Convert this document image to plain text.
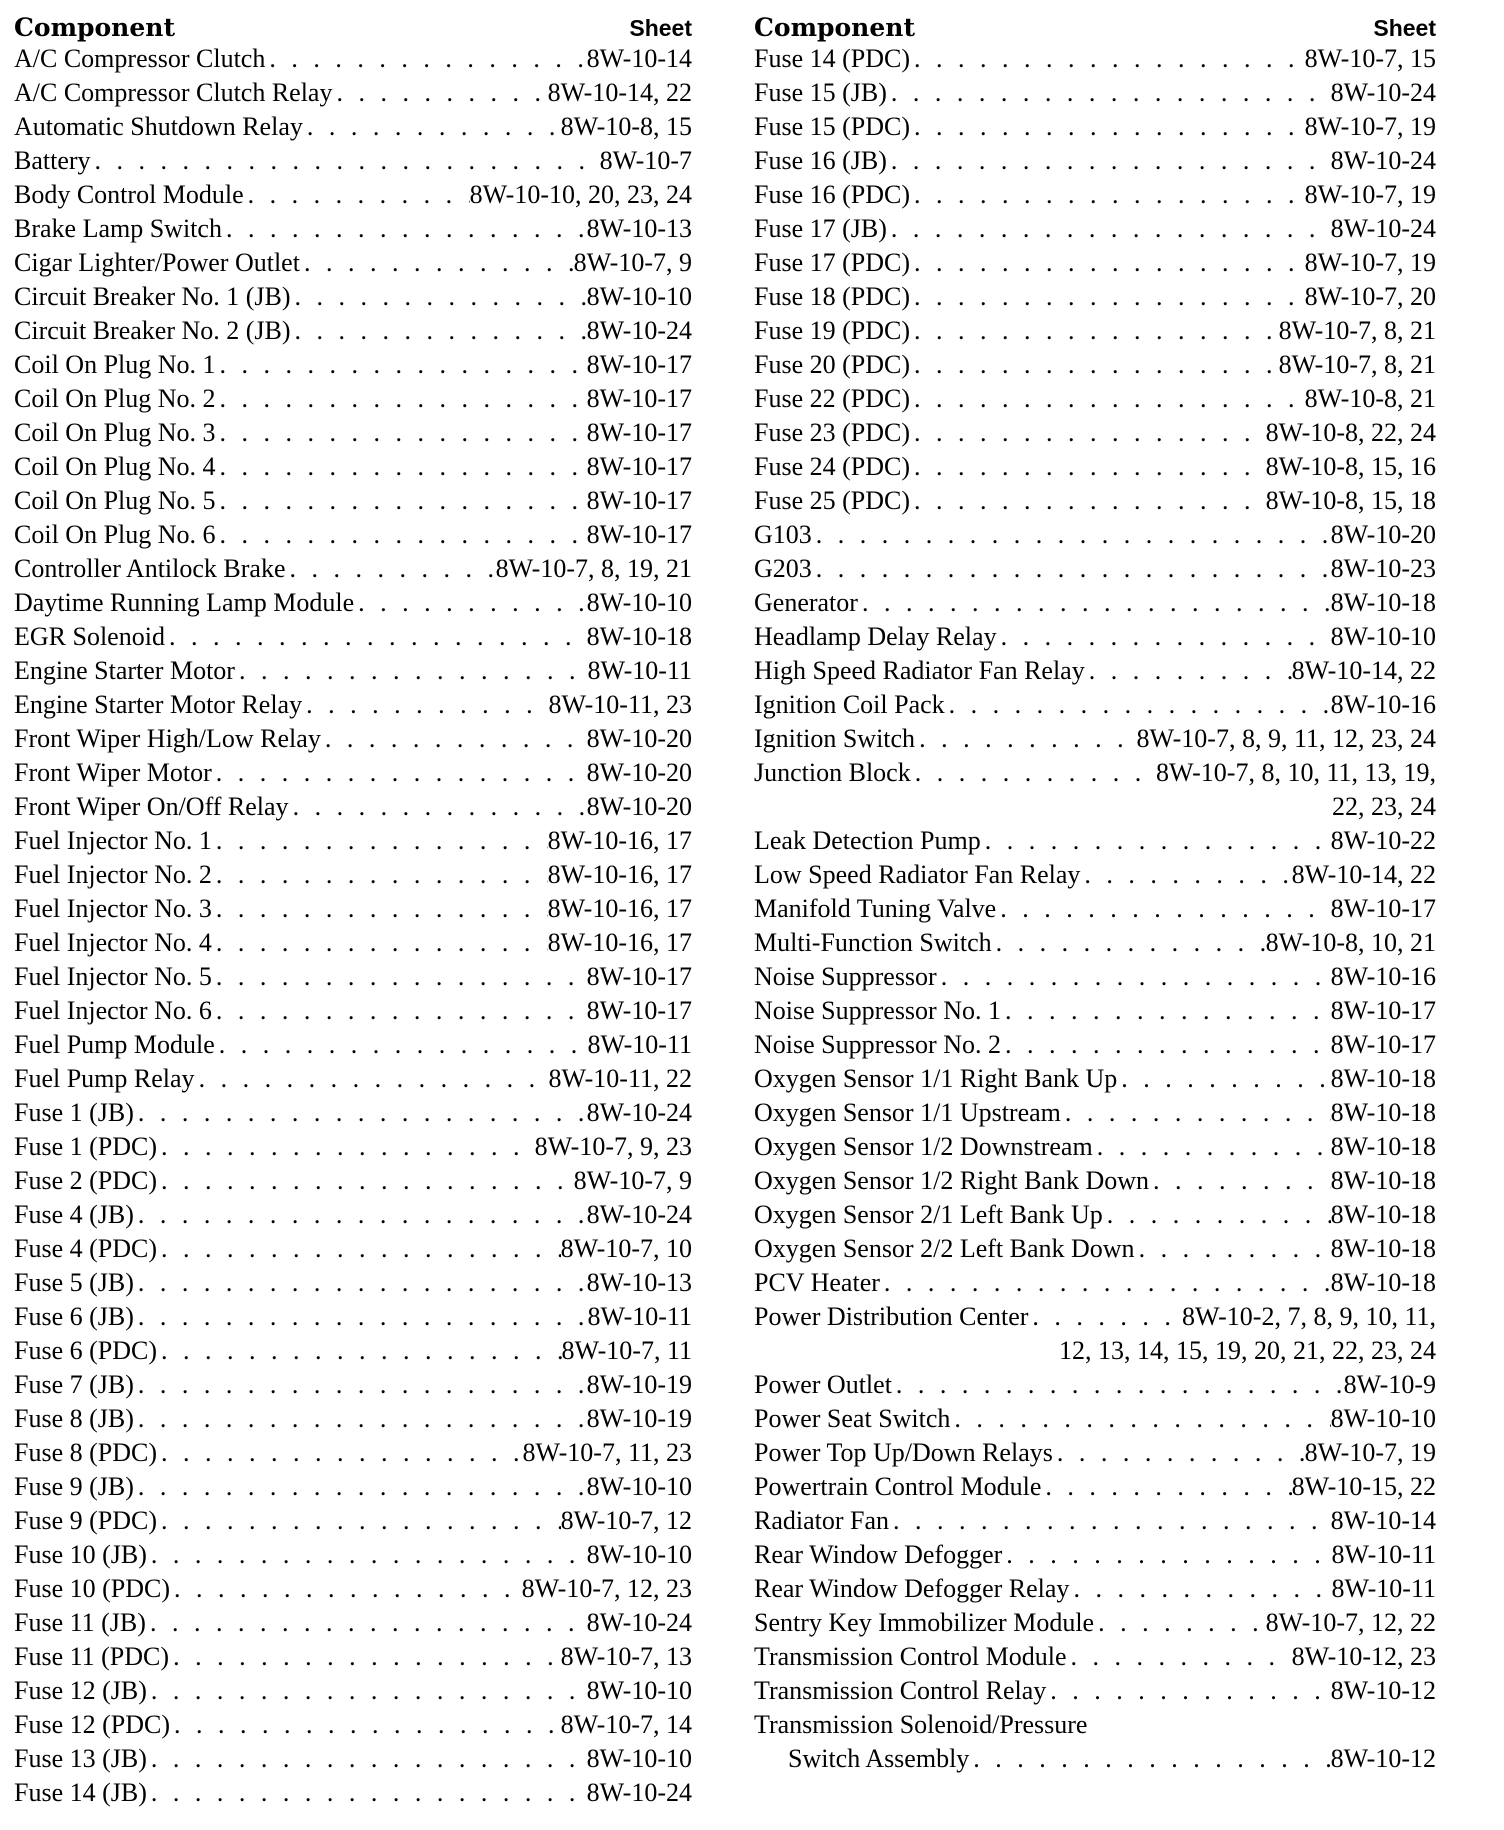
Component	Sheet
A/C Compressor Clutch . . .	8W-10-14
A/C Compressor Clutch Relay . . .	8W-10-14, 22
Automatic Shutdown Relay . . .	8W-10-8, 15
Battery . . .	8W-10-7
Body Control Module . . .	8W-10-10, 20, 23, 24
Brake Lamp Switch . . .	8W-10-13
Cigar Lighter/Power Outlet . . .	8W-10-7, 9
Circuit Breaker No. 1 (JB) . . .	8W-10-10
Circuit Breaker No. 2 (JB) . . .	8W-10-24
Coil On Plug No. 1 . . .	8W-10-17
Coil On Plug No. 2 . . .	8W-10-17
Coil On Plug No. 3 . . .	8W-10-17
Coil On Plug No. 4 . . .	8W-10-17
Coil On Plug No. 5 . . .	8W-10-17
Coil On Plug No. 6 . . .	8W-10-17
Controller Antilock Brake . . .	8W-10-7, 8, 19, 21
Daytime Running Lamp Module . . .	8W-10-10
EGR Solenoid . . .	8W-10-18
Engine Starter Motor . . .	8W-10-11
Engine Starter Motor Relay . . .	8W-10-11, 23
Front Wiper High/Low Relay . . .	8W-10-20
Front Wiper Motor . . .	8W-10-20
Front Wiper On/Off Relay . . .	8W-10-20
Fuel Injector No. 1 . . .	8W-10-16, 17
Fuel Injector No. 2 . . .	8W-10-16, 17
Fuel Injector No. 3 . . .	8W-10-16, 17
Fuel Injector No. 4 . . .	8W-10-16, 17
Fuel Injector No. 5 . . .	8W-10-17
Fuel Injector No. 6 . . .	8W-10-17
Fuel Pump Module . . .	8W-10-11
Fuel Pump Relay . . .	8W-10-11, 22
Fuse 1 (JB) . . .	8W-10-24
Fuse 1 (PDC) . . .	8W-10-7, 9, 23
Fuse 2 (PDC) . . .	8W-10-7, 9
Fuse 4 (JB) . . .	8W-10-24
Fuse 4 (PDC) . . .	8W-10-7, 10
Fuse 5 (JB) . . .	8W-10-13
Fuse 6 (JB) . . .	8W-10-11
Fuse 6 (PDC) . . .	8W-10-7, 11
Fuse 7 (JB) . . .	8W-10-19
Fuse 8 (JB) . . .	8W-10-19
Fuse 8 (PDC) . . .	8W-10-7, 11, 23
Fuse 9 (JB) . . .	8W-10-10
Fuse 9 (PDC) . . .	8W-10-7, 12
Fuse 10 (JB) . . .	8W-10-10
Fuse 10 (PDC) . . .	8W-10-7, 12, 23
Fuse 11 (JB) . . .	8W-10-24
Fuse 11 (PDC) . . .	8W-10-7, 13
Fuse 12 (JB) . . .	8W-10-10
Fuse 12 (PDC) . . .	8W-10-7, 14
Fuse 13 (JB) . . .	8W-10-10
Fuse 14 (JB) . . .	8W-10-24
Component	Sheet
Fuse 14 (PDC) . . .	8W-10-7, 15
Fuse 15 (JB) . . .	8W-10-24
Fuse 15 (PDC) . . .	8W-10-7, 19
Fuse 16 (JB) . . .	8W-10-24
Fuse 16 (PDC) . . .	8W-10-7, 19
Fuse 17 (JB) . . .	8W-10-24
Fuse 17 (PDC) . . .	8W-10-7, 19
Fuse 18 (PDC) . . .	8W-10-7, 20
Fuse 19 (PDC) . . .	8W-10-7, 8, 21
Fuse 20 (PDC) . . .	8W-10-7, 8, 21
Fuse 22 (PDC) . . .	8W-10-8, 21
Fuse 23 (PDC) . . .	8W-10-8, 22, 24
Fuse 24 (PDC) . . .	8W-10-8, 15, 16
Fuse 25 (PDC) . . .	8W-10-8, 15, 18
G103 . . .	8W-10-20
G203 . . .	8W-10-23
Generator . . .	8W-10-18
Headlamp Delay Relay . . .	8W-10-10
High Speed Radiator Fan Relay . . .	8W-10-14, 22
Ignition Coil Pack . . .	8W-10-16
Ignition Switch . . .	8W-10-7, 8, 9, 11, 12, 23, 24
Junction Block . . .	8W-10-7, 8, 10, 11, 13, 19,
22, 23, 24
Leak Detection Pump . . .	8W-10-22
Low Speed Radiator Fan Relay . . .	8W-10-14, 22
Manifold Tuning Valve . . .	8W-10-17
Multi-Function Switch . . .	8W-10-8, 10, 21
Noise Suppressor . . .	8W-10-16
Noise Suppressor No. 1 . . .	8W-10-17
Noise Suppressor No. 2 . . .	8W-10-17
Oxygen Sensor 1/1 Right Bank Up . . .	8W-10-18
Oxygen Sensor 1/1 Upstream . . .	8W-10-18
Oxygen Sensor 1/2 Downstream . . .	8W-10-18
Oxygen Sensor 1/2 Right Bank Down . . .	8W-10-18
Oxygen Sensor 2/1 Left Bank Up . . .	8W-10-18
Oxygen Sensor 2/2 Left Bank Down . . .	8W-10-18
PCV Heater . . .	8W-10-18
Power Distribution Center . . .	8W-10-2, 7, 8, 9, 10, 11,
12, 13, 14, 15, 19, 20, 21, 22, 23, 24
Power Outlet . . .	8W-10-9
Power Seat Switch . . .	8W-10-10
Power Top Up/Down Relays . . .	8W-10-7, 19
Powertrain Control Module . . .	8W-10-15, 22
Radiator Fan . . .	8W-10-14
Rear Window Defogger . . .	8W-10-11
Rear Window Defogger Relay . . .	8W-10-11
Sentry Key Immobilizer Module . . .	8W-10-7, 12, 22
Transmission Control Module . . .	8W-10-12, 23
Transmission Control Relay . . .	8W-10-12
Transmission Solenoid/Pressure
Switch Assembly . . .	8W-10-12
